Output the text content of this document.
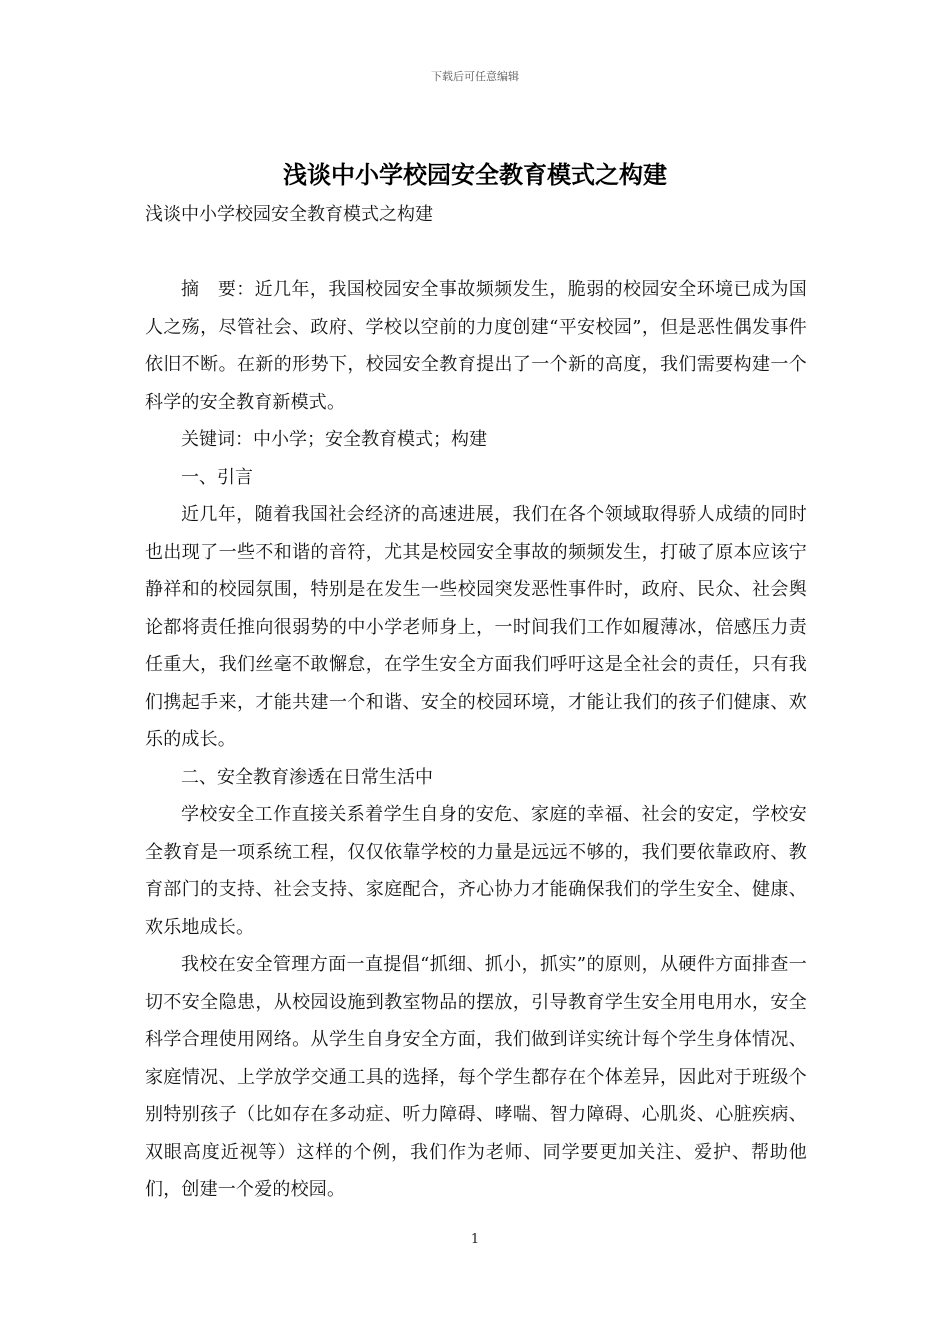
下载后可任意编辑
浅谈中小学校园安全教育模式之构建

浅谈中小学校园安全教育模式之构建

摘　要：近几年，我国校园安全事故频频发生，脆弱的校园安全环境已成为国人之殇，尽管社会、政府、学校以空前的力度创建“平安校园”，但是恶性偶发事件依旧不断。在新的形势下，校园安全教育提出了一个新的高度，我们需要构建一个科学的安全教育新模式。

关键词：中小学；安全教育模式；构建

一、引言

近几年，随着我国社会经济的高速进展，我们在各个领域取得骄人成绩的同时也出现了一些不和谐的音符，尤其是校园安全事故的频频发生，打破了原本应该宁静祥和的校园氛围，特别是在发生一些校园突发恶性事件时，政府、民众、社会舆论都将责任推向很弱势的中小学老师身上，一时间我们工作如履薄冰，倍感压力责任重大，我们丝毫不敢懈怠，在学生安全方面我们呼吁这是全社会的责任，只有我们携起手来，才能共建一个和谐、安全的校园环境，才能让我们的孩子们健康、欢乐的成长。

二、安全教育渗透在日常生活中

学校安全工作直接关系着学生自身的安危、家庭的幸福、社会的安定，学校安全教育是一项系统工程，仅仅依靠学校的力量是远远不够的，我们要依靠政府、教育部门的支持、社会支持、家庭配合，齐心协力才能确保我们的学生安全、健康、欢乐地成长。

我校在安全管理方面一直提倡“抓细、抓小，抓实”的原则，从硬件方面排查一切不安全隐患，从校园设施到教室物品的摆放，引导教育学生安全用电用水，安全科学合理使用网络。从学生自身安全方面，我们做到详实统计每个学生身体情况、家庭情况、上学放学交通工具的选择，每个学生都存在个体差异，因此对于班级个别特别孩子（比如存在多动症、听力障碍、哮喘、智力障碍、心肌炎、心脏疾病、双眼高度近视等）这样的个例，我们作为老师、同学要更加关注、爱护、帮助他们，创建一个爱的校园。

1
